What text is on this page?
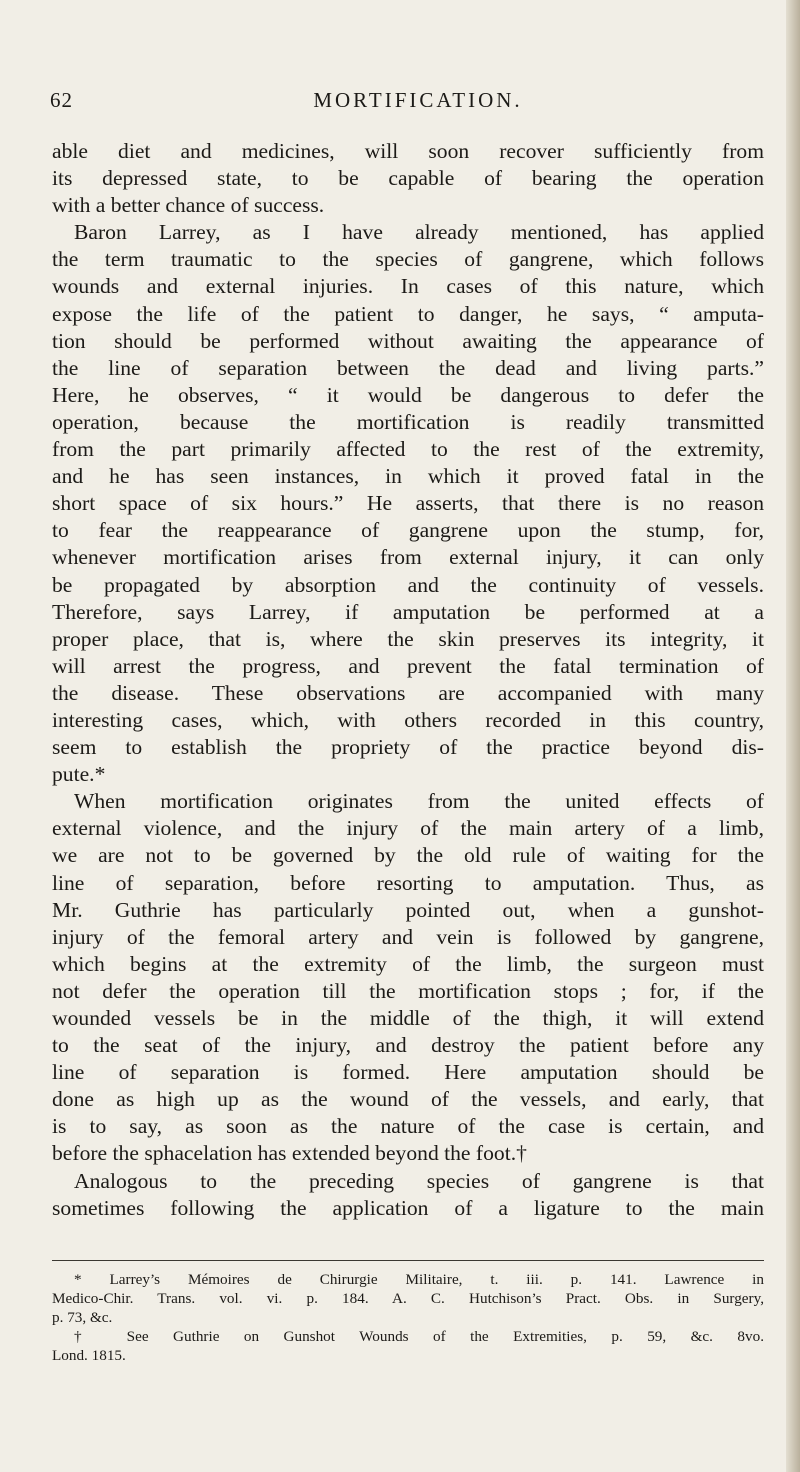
62	MORTIFICATION.
able diet and medicines, will soon recover sufficiently from
its depressed state, to be capable of bearing the operation
with a better chance of success.
Baron Larrey, as I have already mentioned, has applied
the term traumatic to the species of gangrene, which follows
wounds and external injuries. In cases of this nature, which
expose the life of the patient to danger, he says, “ amputa-
tion should be performed without awaiting the appearance of
the line of separation between the dead and living parts.”
Here, he observes, “ it would be dangerous to defer the
operation, because the mortification is readily transmitted
from the part primarily affected to the rest of the extremity,
and he has seen instances, in which it proved fatal in the
short space of six hours.” He asserts, that there is no reason
to fear the reappearance of gangrene upon the stump, for,
whenever mortification arises from external injury, it can only
be propagated by absorption and the continuity of vessels.
Therefore, says Larrey, if amputation be performed at a
proper place, that is, where the skin preserves its integrity, it
will arrest the progress, and prevent the fatal termination of
the disease. These observations are accompanied with many
interesting cases, which, with others recorded in this country,
seem to establish the propriety of the practice beyond dis-
pute.*
When mortification originates from the united effects of
external violence, and the injury of the main artery of a limb,
we are not to be governed by the old rule of waiting for the
line of separation, before resorting to amputation. Thus, as
Mr. Guthrie has particularly pointed out, when a gunshot-
injury of the femoral artery and vein is followed by gangrene,
which begins at the extremity of the limb, the surgeon must
not defer the operation till the mortification stops ; for, if the
wounded vessels be in the middle of the thigh, it will extend
to the seat of the injury, and destroy the patient before any
line of separation is formed. Here amputation should be
done as high up as the wound of the vessels, and early, that
is to say, as soon as the nature of the case is certain, and
before the sphacelation has extended beyond the foot.†
Analogous to the preceding species of gangrene is that
sometimes following the application of a ligature to the main
* Larrey’s Mémoires de Chirurgie Militaire, t. iii. p. 141. Lawrence in
Medico-Chir. Trans. vol. vi. p. 184. A. C. Hutchison’s Pract. Obs. in Surgery,
p. 73, &c.
† See Guthrie on Gunshot Wounds of the Extremities, p. 59, &c. 8vo.
Lond. 1815.
